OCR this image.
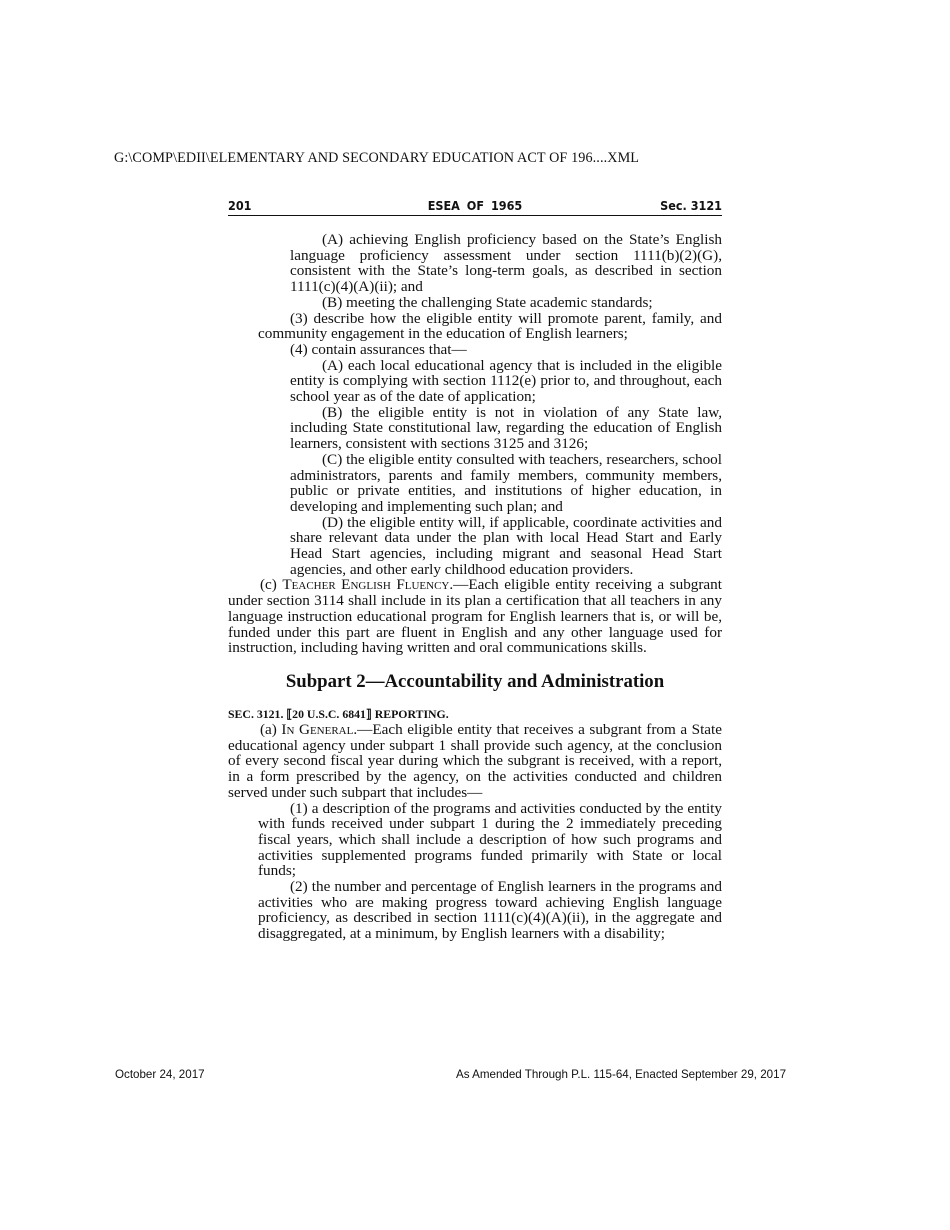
G:\COMP\EDII\ELEMENTARY AND SECONDARY EDUCATION ACT OF 196....XML
201	ESEA OF 1965	Sec. 3121

(A) achieving English proficiency based on the State’s English language proficiency assessment under section 1111(b)(2)(G), consistent with the State’s long-term goals, as described in section 1111(c)(4)(A)(ii); and

(B) meeting the challenging State academic standards;

(3) describe how the eligible entity will promote parent, family, and community engagement in the education of English learners;

(4) contain assurances that—

(A) each local educational agency that is included in the eligible entity is complying with section 1112(e) prior to, and throughout, each school year as of the date of application;

(B) the eligible entity is not in violation of any State law, including State constitutional law, regarding the education of English learners, consistent with sections 3125 and 3126;

(C) the eligible entity consulted with teachers, researchers, school administrators, parents and family members, community members, public or private entities, and institutions of higher education, in developing and implementing such plan; and

(D) the eligible entity will, if applicable, coordinate activities and share relevant data under the plan with local Head Start and Early Head Start agencies, including migrant and seasonal Head Start agencies, and other early childhood education providers.

(c) Teacher English Fluency.—Each eligible entity receiving a subgrant under section 3114 shall include in its plan a certification that all teachers in any language instruction educational program for English learners that is, or will be, funded under this part are fluent in English and any other language used for instruction, including having written and oral communications skills.

Subpart 2—Accountability and Administration

SEC. 3121. ⟦20 U.S.C. 6841⟧ REPORTING.

(a) In General.—Each eligible entity that receives a subgrant from a State educational agency under subpart 1 shall provide such agency, at the conclusion of every second fiscal year during which the subgrant is received, with a report, in a form prescribed by the agency, on the activities conducted and children served under such subpart that includes—

(1) a description of the programs and activities conducted by the entity with funds received under subpart 1 during the 2 immediately preceding fiscal years, which shall include a description of how such programs and activities supplemented programs funded primarily with State or local funds;

(2) the number and percentage of English learners in the programs and activities who are making progress toward achieving English language proficiency, as described in section 1111(c)(4)(A)(ii), in the aggregate and disaggregated, at a minimum, by English learners with a disability;

October 24, 2017	As Amended Through P.L. 115-64, Enacted September 29, 2017
